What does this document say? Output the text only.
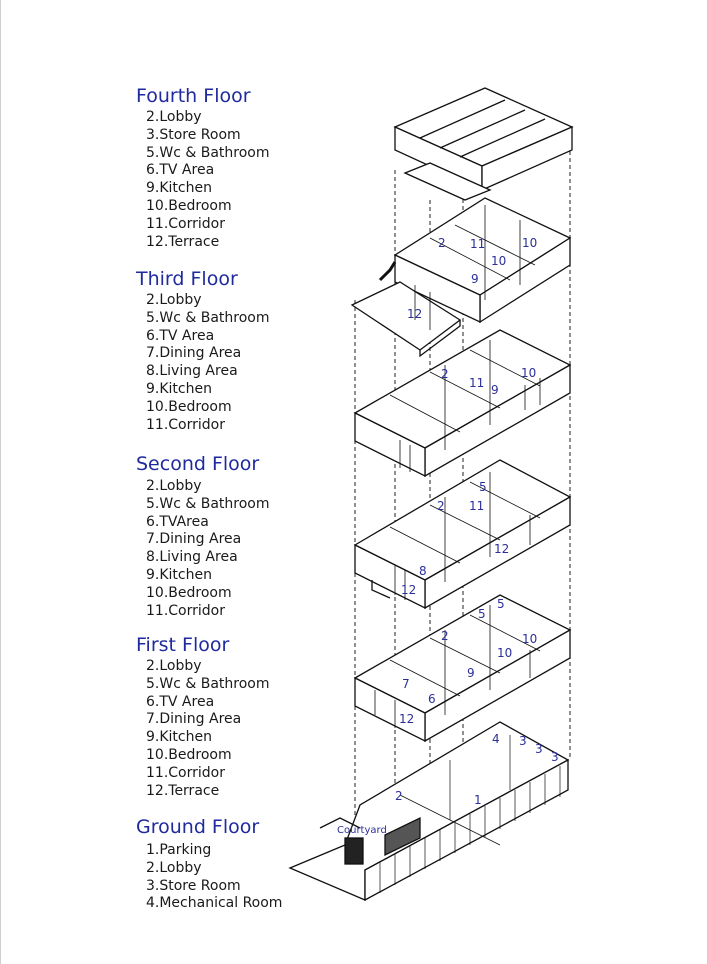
Fourth Floor
2.Lobby
3.Store Room
5.Wc & Bathroom
6.TV Area
9.Kitchen
10.Bedroom
11.Corridor
12.Terrace
Third Floor
2.Lobby
5.Wc & Bathroom
6.TV Area
7.Dining Area
8.Living Area
9.Kitchen
10.Bedroom
11.Corridor
Second Floor
2.Lobby
5.Wc & Bathroom
6.TVArea
7.Dining Area
8.Living Area
9.Kitchen
10.Bedroom
11.Corridor
First Floor
2.Lobby
5.Wc & Bathroom
6.TV Area
7.Dining Area
9.Kitchen
10.Bedroom
11.Corridor
12.Terrace
Ground Floor
1.Parking
2.Lobby
3.Store Room
4.Mechanical Room
2 11	10
10
9
12
2
11 9
10
5
2 11
12
8
12
5
2
5
10
10
9
7
6
12
4 3
3
3
2	1
Courtyard
